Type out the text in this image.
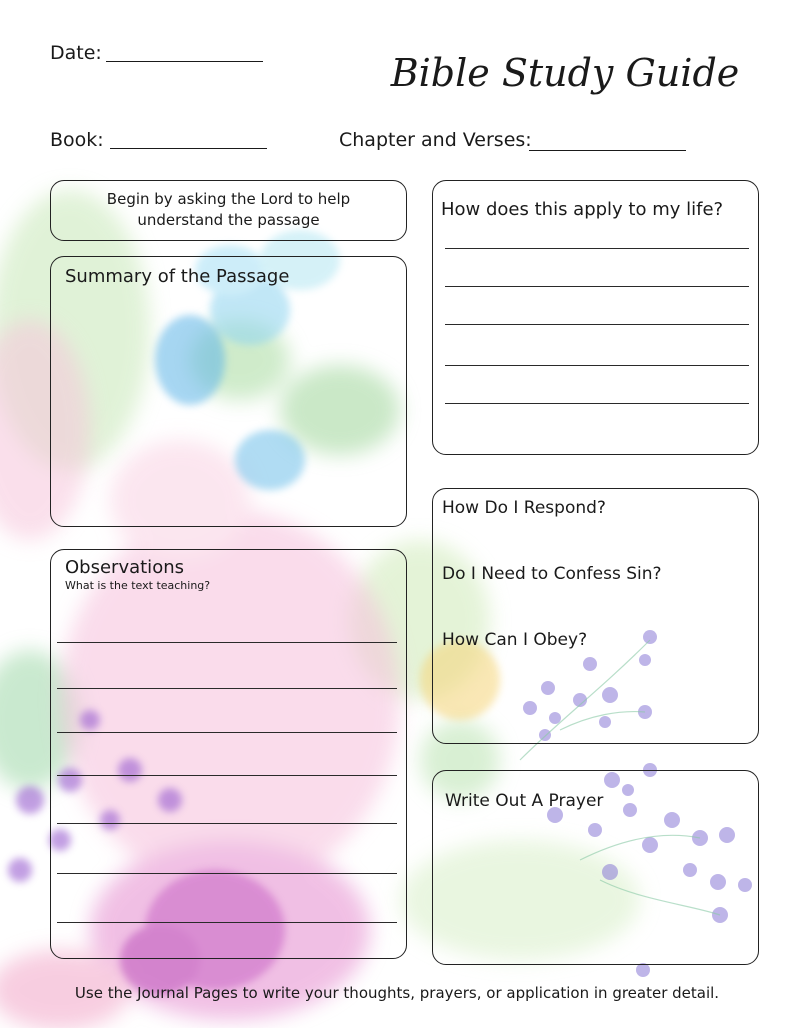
Date:	Bible Study Guide
Book:	Chapter and Verses:
Begin by asking the Lord to help
understand the passage
Summary of the Passage
Observations
What is the text teaching?
How does this apply to my life?
How Do I Respond?
Do I Need to Confess Sin?
How Can I Obey?
Write Out A Prayer
Use the Journal Pages to write your thoughts, prayers, or application in greater detail.
